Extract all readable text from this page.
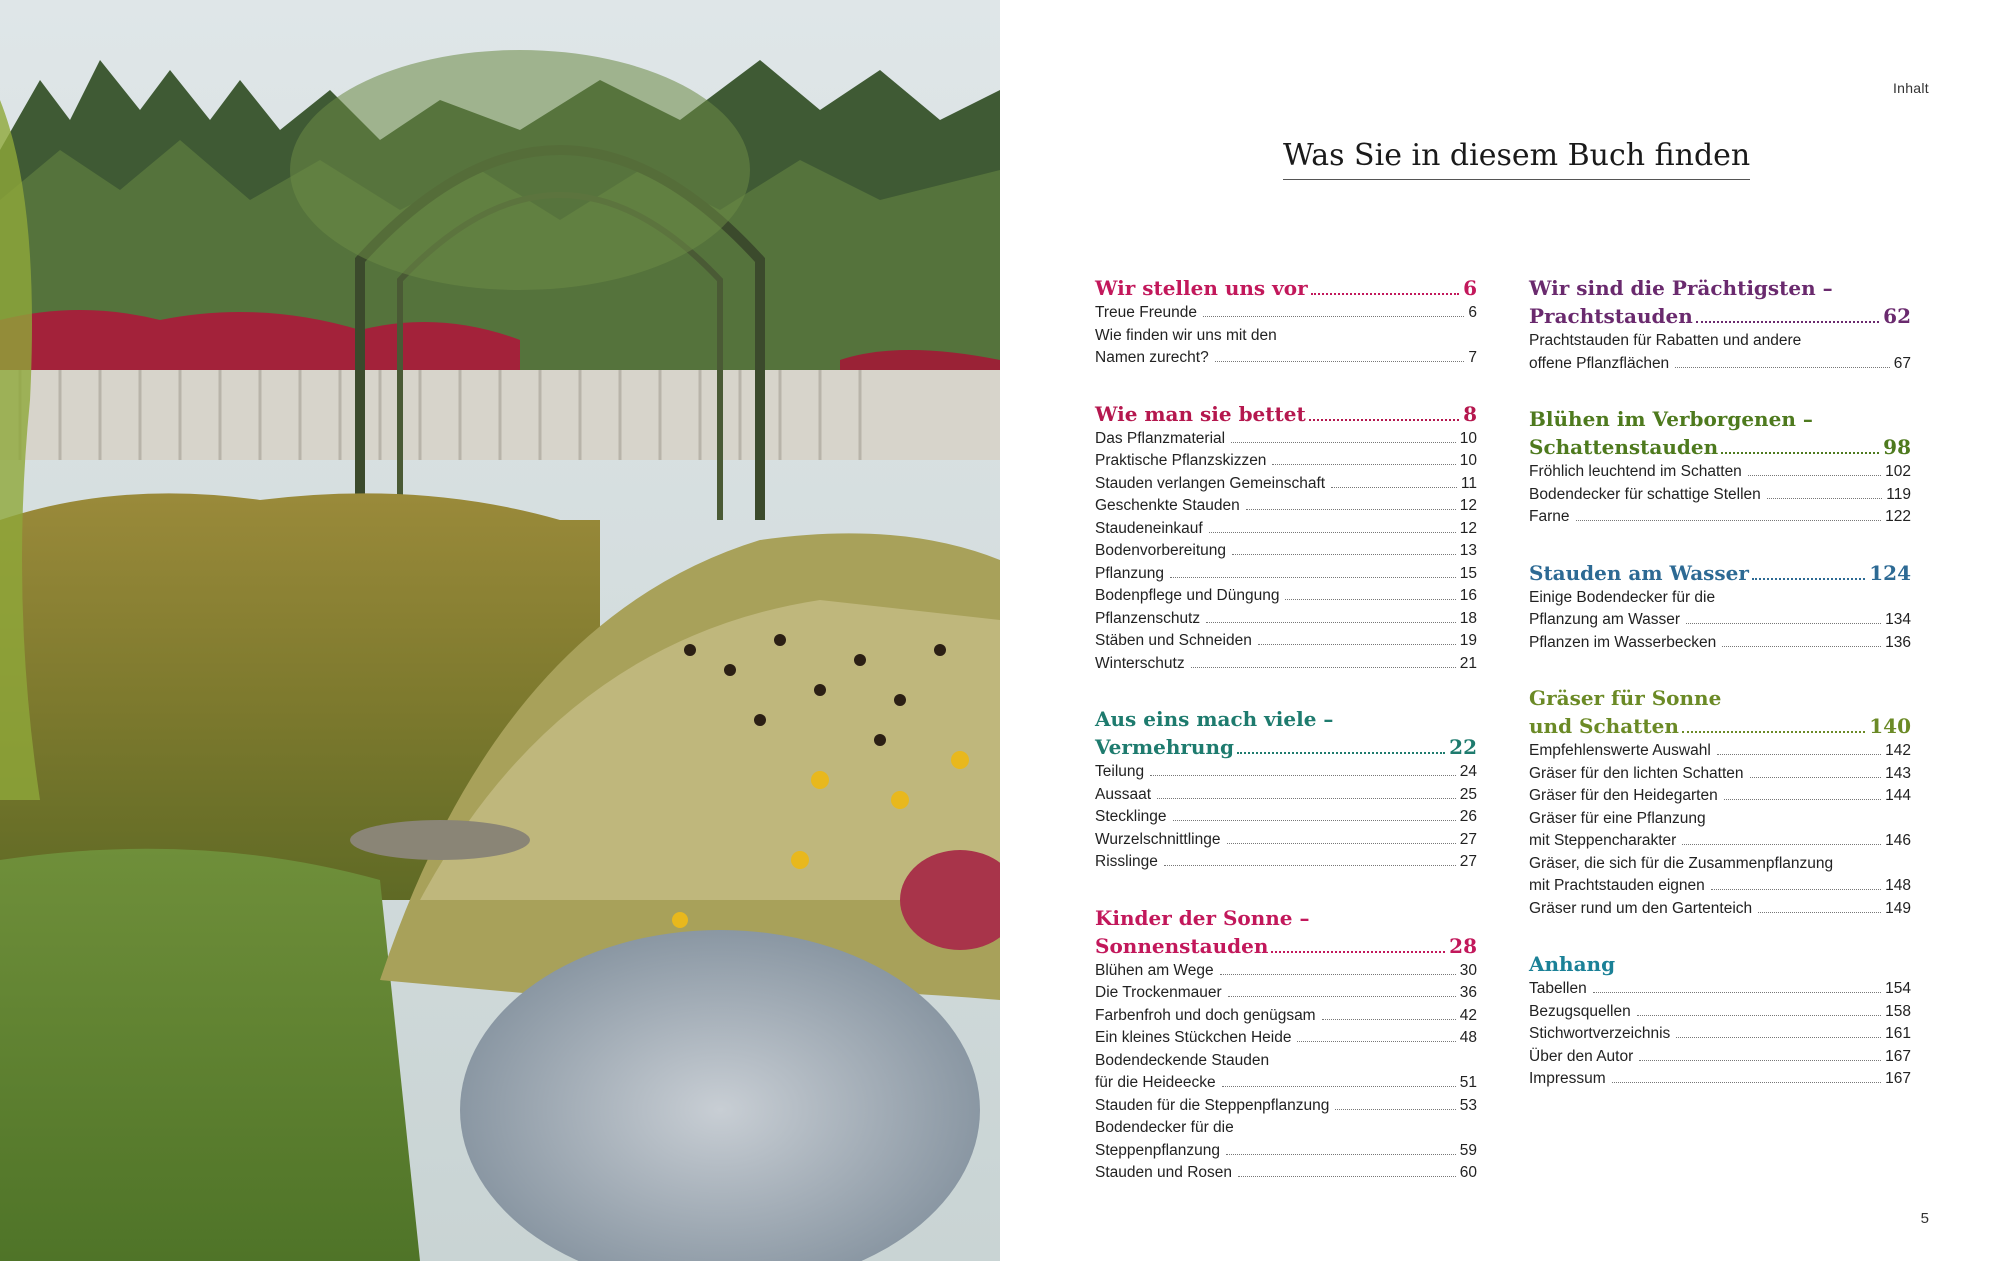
Inhalt
Was Sie in diesem Buch finden
Wir stellen uns vor	6
Treue Freunde	6
Wie finden wir uns mit den
Namen zurecht?	7
Wie man sie bettet	8
Das Pflanzmaterial	10
Praktische Pflanzskizzen	10
Stauden verlangen Gemeinschaft	11
Geschenkte Stauden	12
Staudeneinkauf	12
Bodenvorbereitung	13
Pflanzung	15
Bodenpflege und Düngung	16
Pflanzenschutz	18
Stäben und Schneiden	19
Winterschutz	21
Aus eins mach viele –
Vermehrung	22
Teilung	24
Aussaat	25
Stecklinge	26
Wurzelschnittlinge	27
Risslinge	27
Kinder der Sonne –
Sonnenstauden	28
Blühen am Wege	30
Die Trockenmauer	36
Farbenfroh und doch genügsam	42
Ein kleines Stückchen Heide	48
Bodendeckende Stauden
für die Heideecke	51
Stauden für die Steppenpflanzung	53
Bodendecker für die
Steppenpflanzung	59
Stauden und Rosen	60
Wir sind die Prächtigsten –
Prachtstauden	62
Prachtstauden für Rabatten und andere
offene Pflanzflächen	67
Blühen im Verborgenen –
Schattenstauden	98
Fröhlich leuchtend im Schatten	102
Bodendecker für schattige Stellen	119
Farne	122
Stauden am Wasser	124
Einige Bodendecker für die
Pflanzung am Wasser	134
Pflanzen im Wasserbecken	136
Gräser für Sonne
und Schatten	140
Empfehlenswerte Auswahl	142
Gräser für den lichten Schatten	143
Gräser für den Heidegarten	144
Gräser für eine Pflanzung
mit Steppencharakter	146
Gräser, die sich für die Zusammenpflanzung
mit Prachtstauden eignen	148
Gräser rund um den Gartenteich	149
Anhang
Tabellen	154
Bezugsquellen	158
Stichwortverzeichnis	161
Über den Autor	167
Impressum	167
5
